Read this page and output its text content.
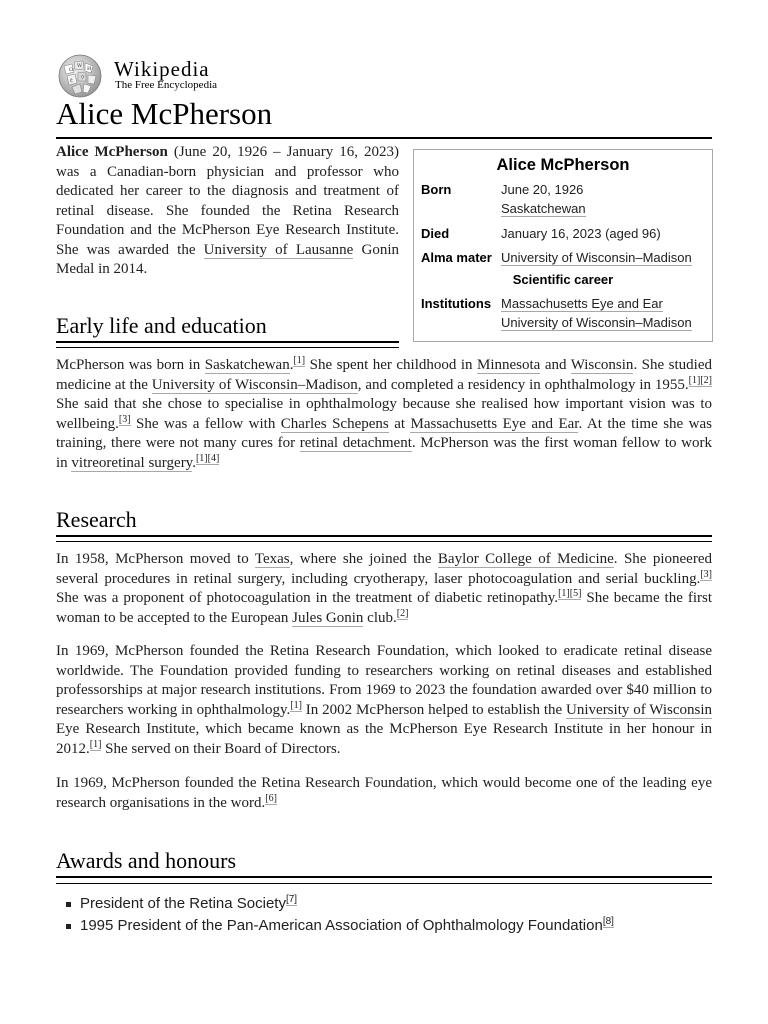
Ω
W И
ع ウ Wikipedia
The Free Encyclopedia
Alice McPherson

Alice McPherson (June 20, 1926 – January 16, 2023) was a Canadian-born physician and professor who dedicated her career to the diagnosis and treatment of retinal disease. She founded the Retina Research Foundation and the McPherson Eye Research Institute. She was awarded the University of Lausanne Gonin Medal in 2014.

Alice McPherson
Born	June 20, 1926
Saskatchewan
Died	January 16, 2023 (aged 96)
Alma mater University of Wisconsin–Madison
Scientific career
Institutions Massachusetts Eye and Ear
University of Wisconsin–Madison
Early life and education

McPherson was born in Saskatchewan.[1] She spent her childhood in Minnesota and Wisconsin. She studied medicine at the University of Wisconsin–Madison, and completed a residency in ophthalmology in 1955.[1][2] She said that she chose to specialise in ophthalmology because she realised how important vision was to wellbeing.[3] She was a fellow with Charles Schepens at Massachusetts Eye and Ear. At the time she was training, there were not many cures for retinal detachment. McPherson was the first woman fellow to work in vitreoretinal surgery.[1][4]

Research

In 1958, McPherson moved to Texas, where she joined the Baylor College of Medicine. She pioneered several procedures in retinal surgery, including cryotherapy, laser photocoagulation and serial buckling.[3] She was a proponent of photocoagulation in the treatment of diabetic retinopathy.[1][5] She became the first woman to be accepted to the European Jules Gonin club.[2]

In 1969, McPherson founded the Retina Research Foundation, which looked to eradicate retinal disease worldwide. The Foundation provided funding to researchers working on retinal diseases and established professorships at major research institutions. From 1969 to 2023 the foundation awarded over $40 million to researchers working in ophthalmology.[1] In 2002 McPherson helped to establish the University of Wisconsin Eye Research Institute, which became known as the McPherson Eye Research Institute in her honour in 2012.[1] She served on their Board of Directors.

In 1969, McPherson founded the Retina Research Foundation, which would become one of the leading eye research organisations in the word.[6]

Awards and honours
President of the Retina Society[7]
1995 President of the Pan-American Association of Ophthalmology Foundation[8]
